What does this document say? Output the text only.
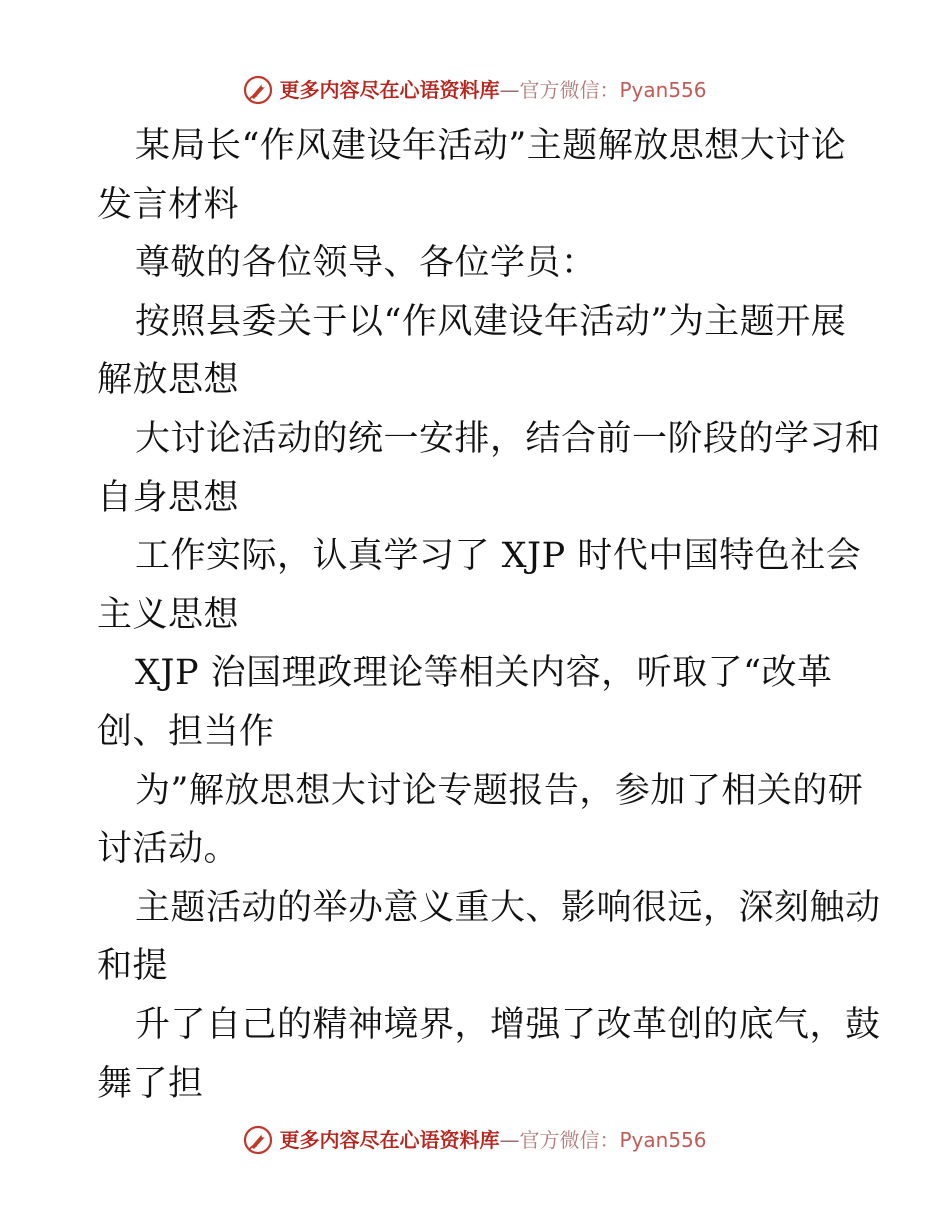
更多内容尽在心语资料库—官方微信：Pyan556
某局长“作风建设年活动”主题解放思想大讨论
发言材料
尊敬的各位领导、各位学员：
按照县委关于以“作风建设年活动”为主题开展
解放思想
大讨论活动的统一安排，结合前一阶段的学习和
自身思想
工作实际，认真学习了 XJP 时代中国特色社会
主义思想
XJP 治国理政理论等相关内容，听取了“改革
创、担当作
为”解放思想大讨论专题报告，参加了相关的研
讨活动。
主题活动的举办意义重大、影响很远，深刻触动
和提
升了自己的精神境界，增强了改革创的底气，鼓
舞了担
更多内容尽在心语资料库—官方微信：Pyan556
